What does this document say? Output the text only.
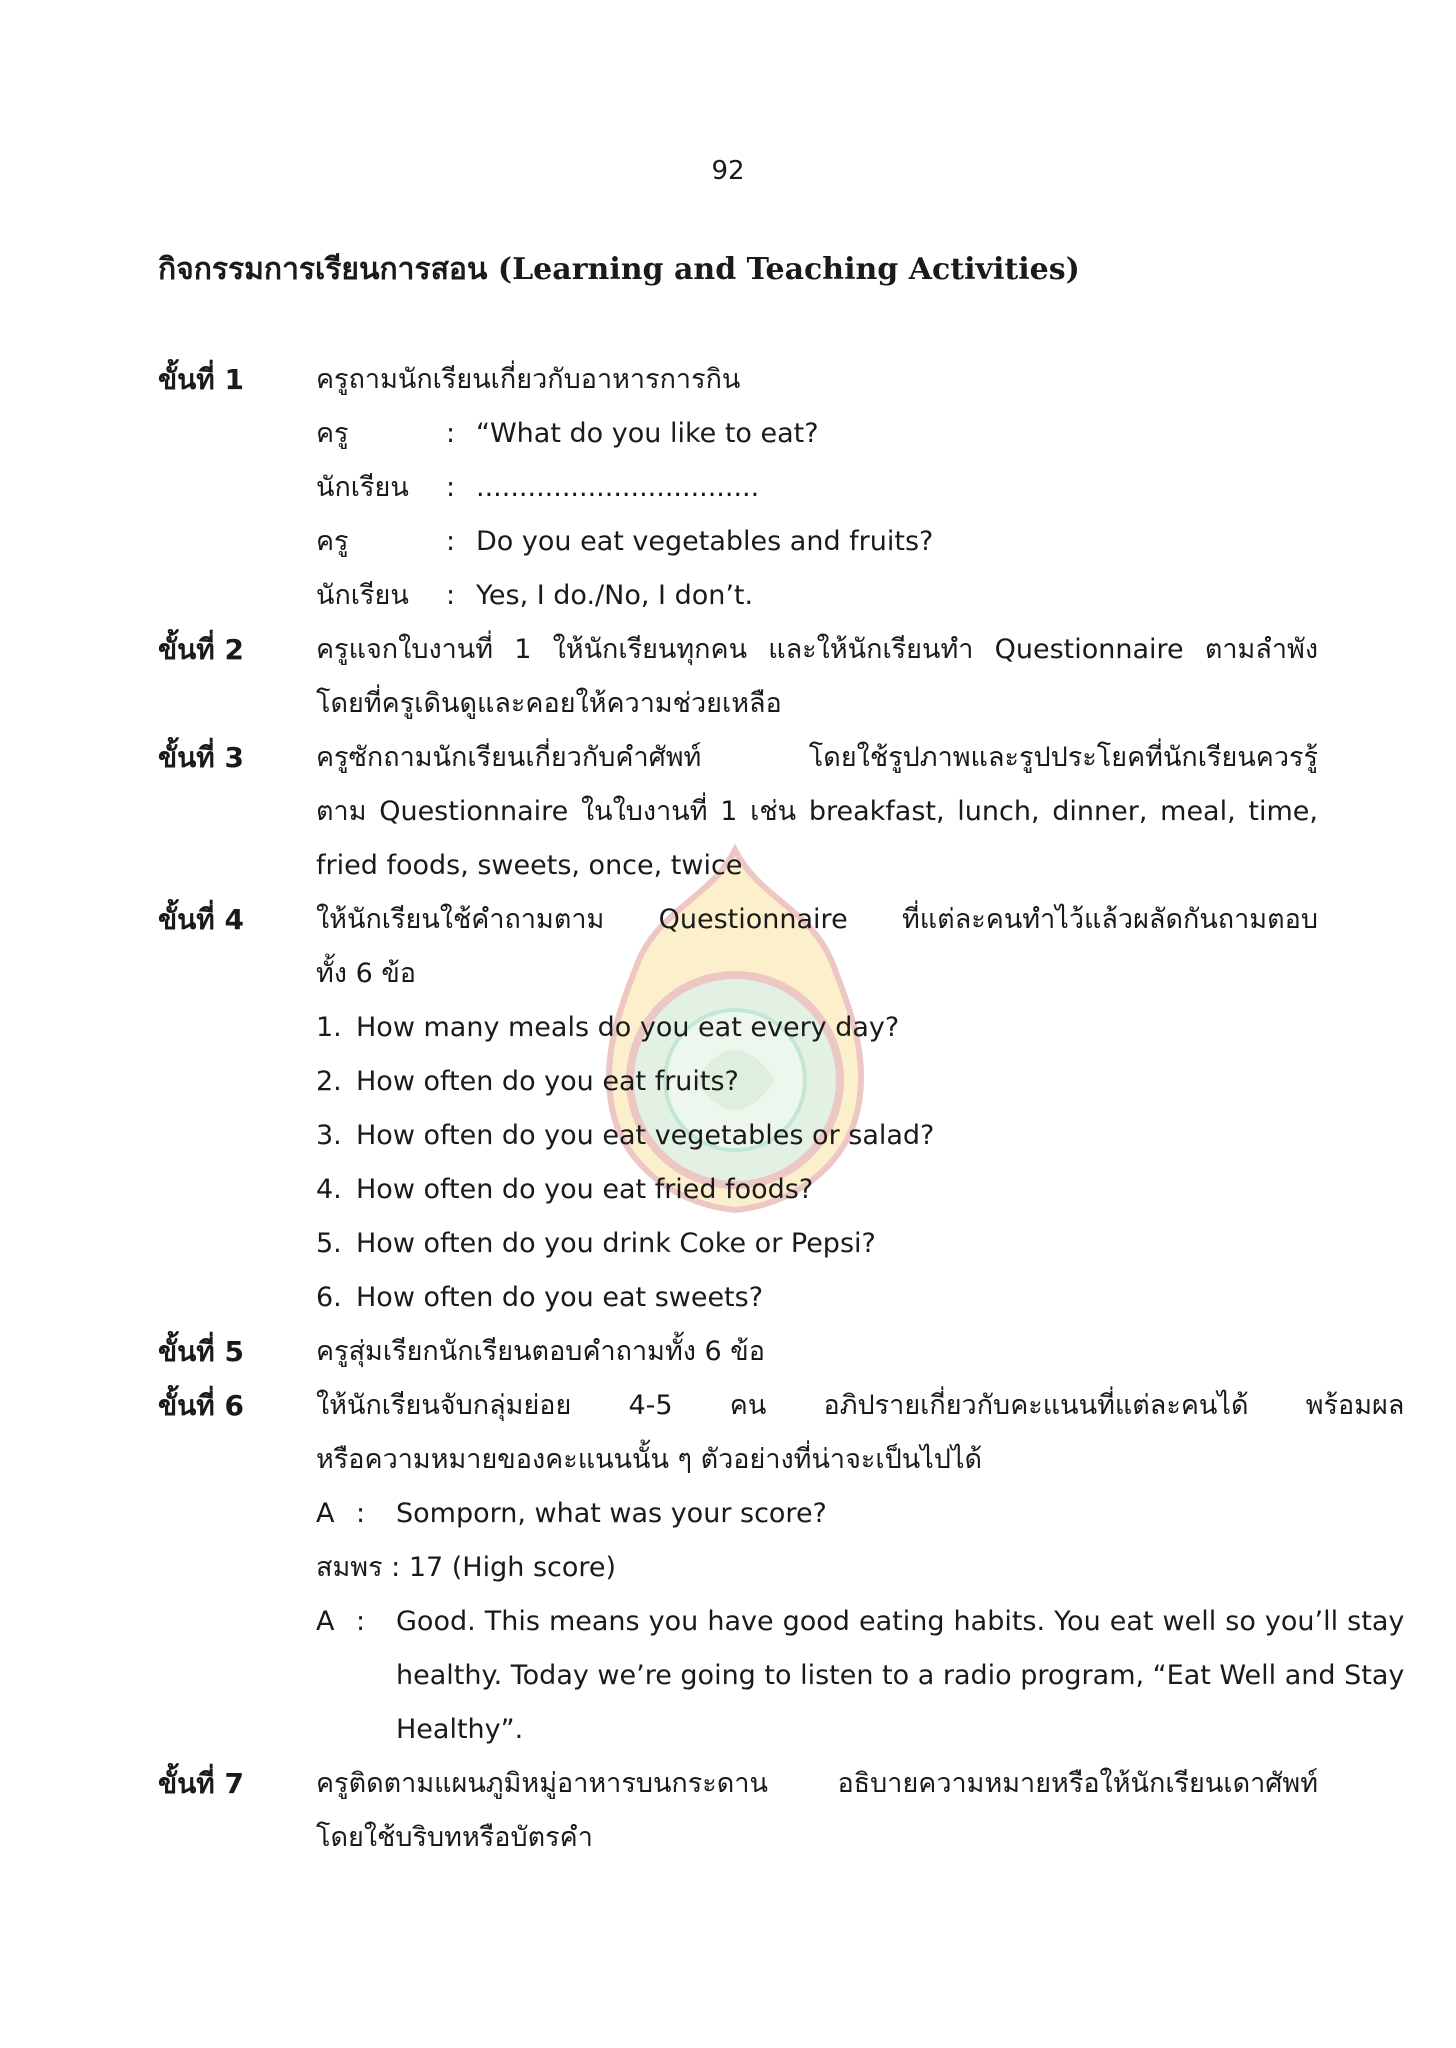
92
กิจกรรมการเรียนการสอน (Learning and Teaching Activities)
ขั้นที่ 1	ครูถามนักเรียนเกี่ยวกับอาหารการกิน
ครู	: “What do you like to eat?
นักเรียน	: .................................
ครู	: Do you eat vegetables and fruits?
นักเรียน	: Yes, I do./No, I don’t.
ขั้นที่ 2	ครูแจกใบงานที่ 1 ให้นักเรียนทุกคน และให้นักเรียนทำ Questionnaire ตามลำพัง
โดยที่ครูเดินดูและคอยให้ความช่วยเหลือ
ขั้นที่ 3	ครูซักถามนักเรียนเกี่ยวกับคำศัพท์ โดยใช้รูปภาพและรูปประโยคที่นักเรียนควรรู้
ตาม Questionnaire ในใบงานที่ 1 เช่น breakfast, lunch, dinner, meal, time,
fried foods, sweets, once, twice
ขั้นที่ 4	ให้นักเรียนใช้คำถามตาม Questionnaire ที่แต่ละคนทำไว้แล้วผลัดกันถามตอบ
ทั้ง 6 ข้อ
1. How many meals do you eat every day?
2. How often do you eat fruits?
3. How often do you eat vegetables or salad?
4. How often do you eat fried foods?
5. How often do you drink Coke or Pepsi?
6. How often do you eat sweets?
ขั้นที่ 5	ครูสุ่มเรียกนักเรียนตอบคำถามทั้ง 6 ข้อ
ขั้นที่ 6	ให้นักเรียนจับกลุ่มย่อย 4-5 คน อภิปรายเกี่ยวกับคะแนนที่แต่ละคนได้ พร้อมผล
หรือความหมายของคะแนนนั้น ๆ ตัวอย่างที่น่าจะเป็นไปได้
A :	Somporn, what was your score?
สมพร : 17 (High score)
A :	Good. This means you have good eating habits. You eat well so you’ll stay
healthy. Today we’re going to listen to a radio program, “Eat Well and Stay
Healthy”.
ขั้นที่ 7	ครูติดตามแผนภูมิหมู่อาหารบนกระดาน อธิบายความหมายหรือให้นักเรียนเดาศัพท์
โดยใช้บริบทหรือบัตรคำ
